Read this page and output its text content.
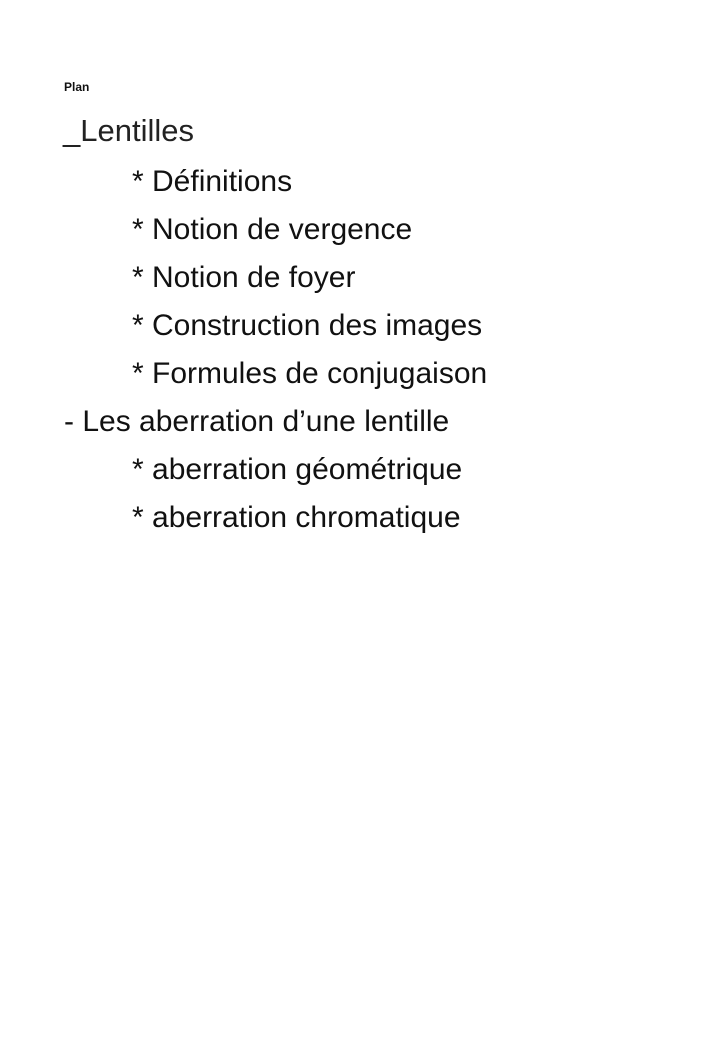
Plan
_Lentilles
* Définitions
* Notion de vergence
* Notion de foyer
* Construction des images
* Formules de conjugaison
- Les aberration d’une lentille
* aberration géométrique
* aberration chromatique
